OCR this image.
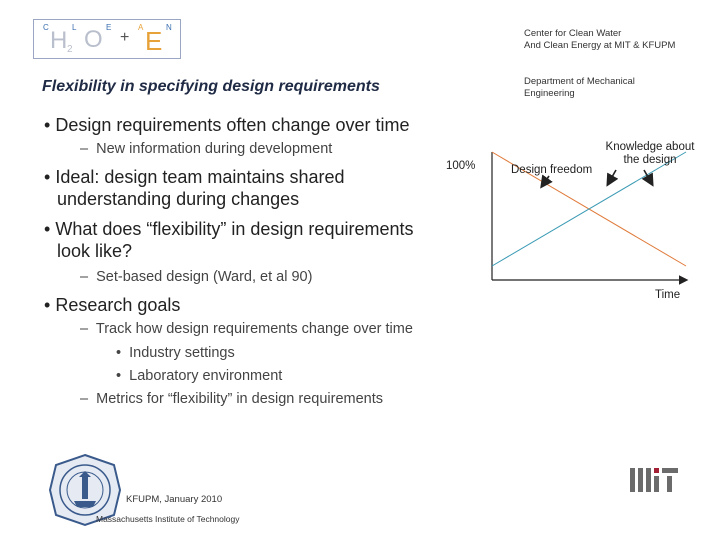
C	L	E	A	N
H 2 O + E	Center for Clean Water
And Clean Energy at MIT & KFUPM
Department of Mechanical
Engineering
Flexibility in specifying design requirements
• Design requirements often change over time
– New information during development
• Ideal: design team maintains shared
understanding during changes
• What does “flexibility” in design requirements
look like?
– Set-based design (Ward, et al 90)
• Research goals
– Track how design requirements change over time
• Industry settings
• Laboratory environment
– Metrics for “flexibility” in design requirements
100%	Design freedom
Knowledge about
the design
Time
KFUPM, January 2010
Massachusetts Institute of Technology
